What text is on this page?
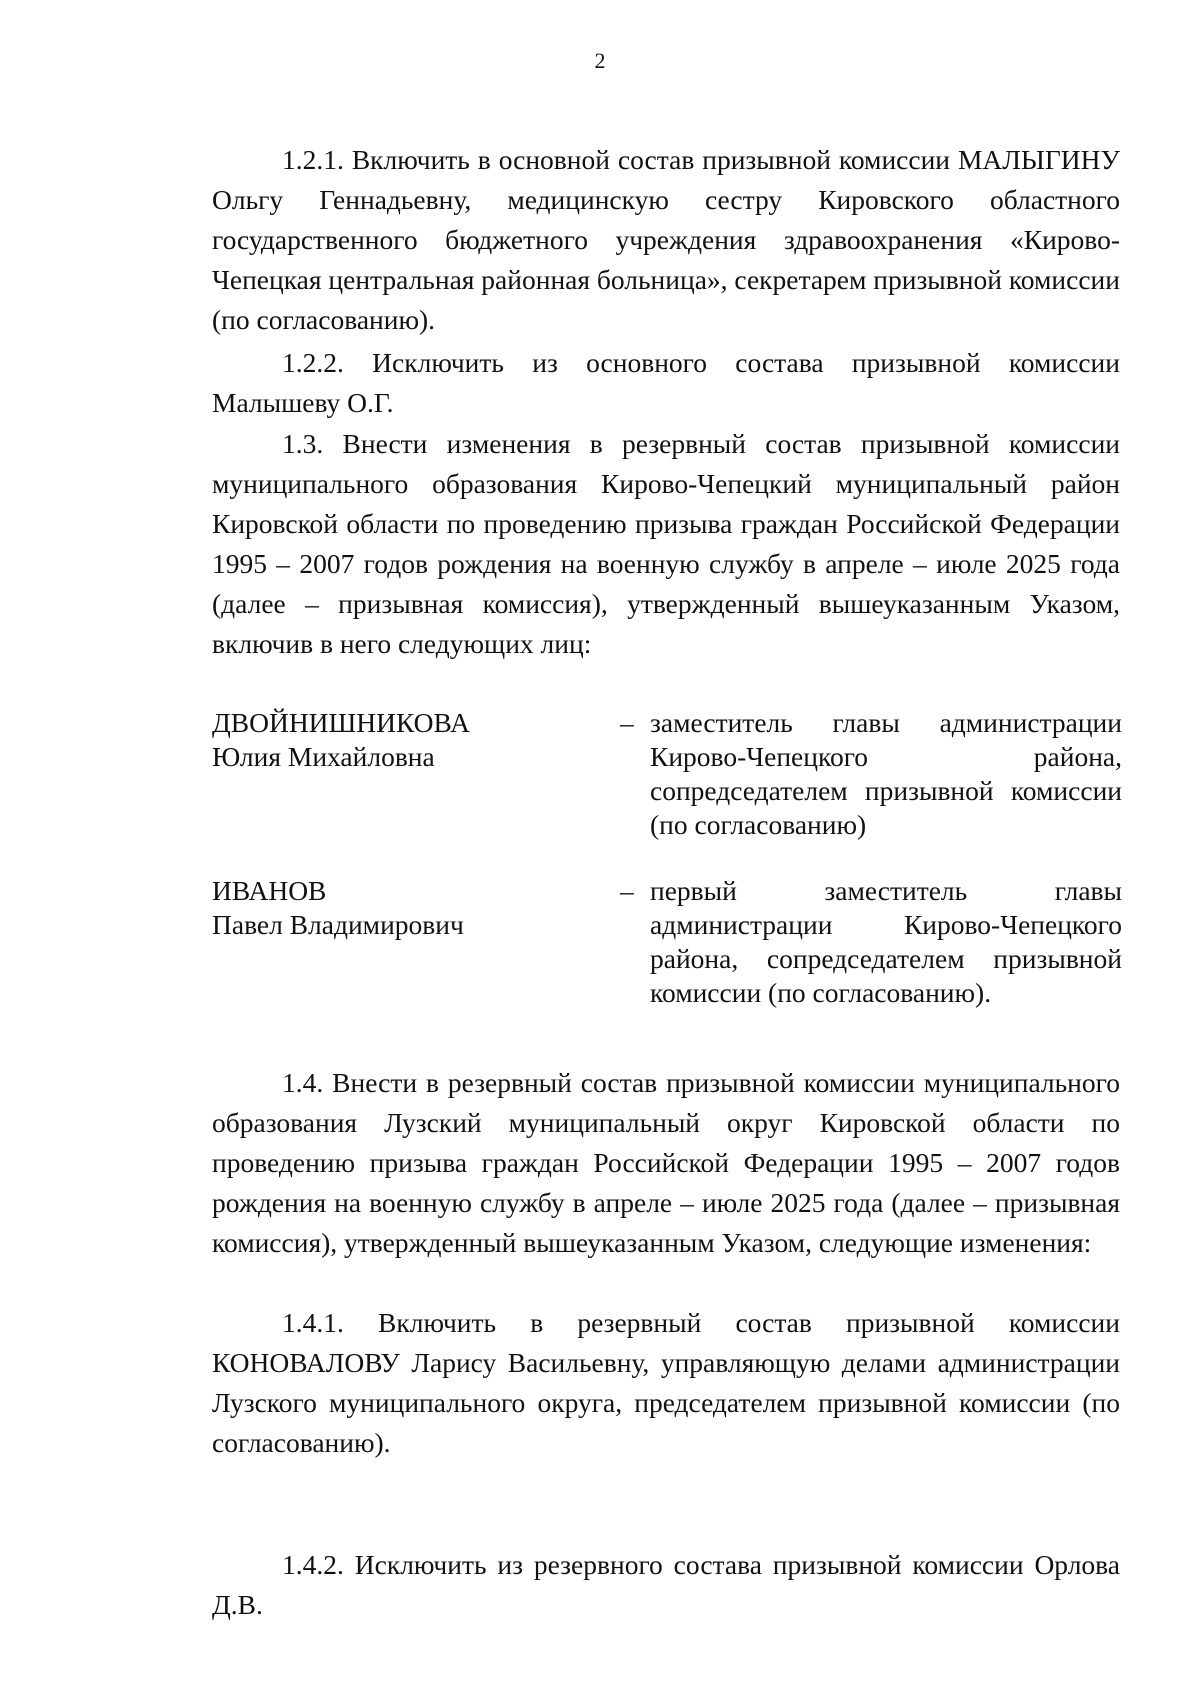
2

1.2.1. Включить в основной состав призывной комиссии МАЛЫГИНУ Ольгу Геннадьевну, медицинскую сестру Кировского областного государственного бюджетного учреждения здравоохранения «Кирово-Чепецкая центральная районная больница», секретарем призывной комиссии (по согласованию).

1.2.2. Исключить из основного состава призывной комиссии Малышеву О.Г.

1.3. Внести изменения в резервный состав призывной комиссии муниципального образования Кирово-Чепецкий муниципальный район Кировской области по проведению призыва граждан Российской Федерации 1995 – 2007 годов рождения на военную службу в апреле – июле 2025 года (далее – призывная комиссия), утвержденный вышеуказанным Указом, включив в него следующих лиц:

ДВОЙНИШНИКОВА
Юлия Михайловна
– заместитель главы администрации Кирово-Чепецкого района, сопредседателем призывной комиссии (по согласованию)
ИВАНОВ
Павел Владимирович
– первый заместитель главы администрации Кирово-Чепецкого района, сопредседателем призывной комиссии (по согласованию).

1.4. Внести в резервный состав призывной комиссии муниципального образования Лузский муниципальный округ Кировской области по проведению призыва граждан Российской Федерации 1995 – 2007 годов рождения на военную службу в апреле – июле 2025 года (далее – призывная комиссия), утвержденный вышеуказанным Указом, следующие изменения:

1.4.1. Включить в резервный состав призывной комиссии КОНОВАЛОВУ Ларису Васильевну, управляющую делами администрации Лузского муниципального округа, председателем призывной комиссии (по согласованию).

1.4.2. Исключить из резервного состава призывной комиссии Орлова Д.В.
